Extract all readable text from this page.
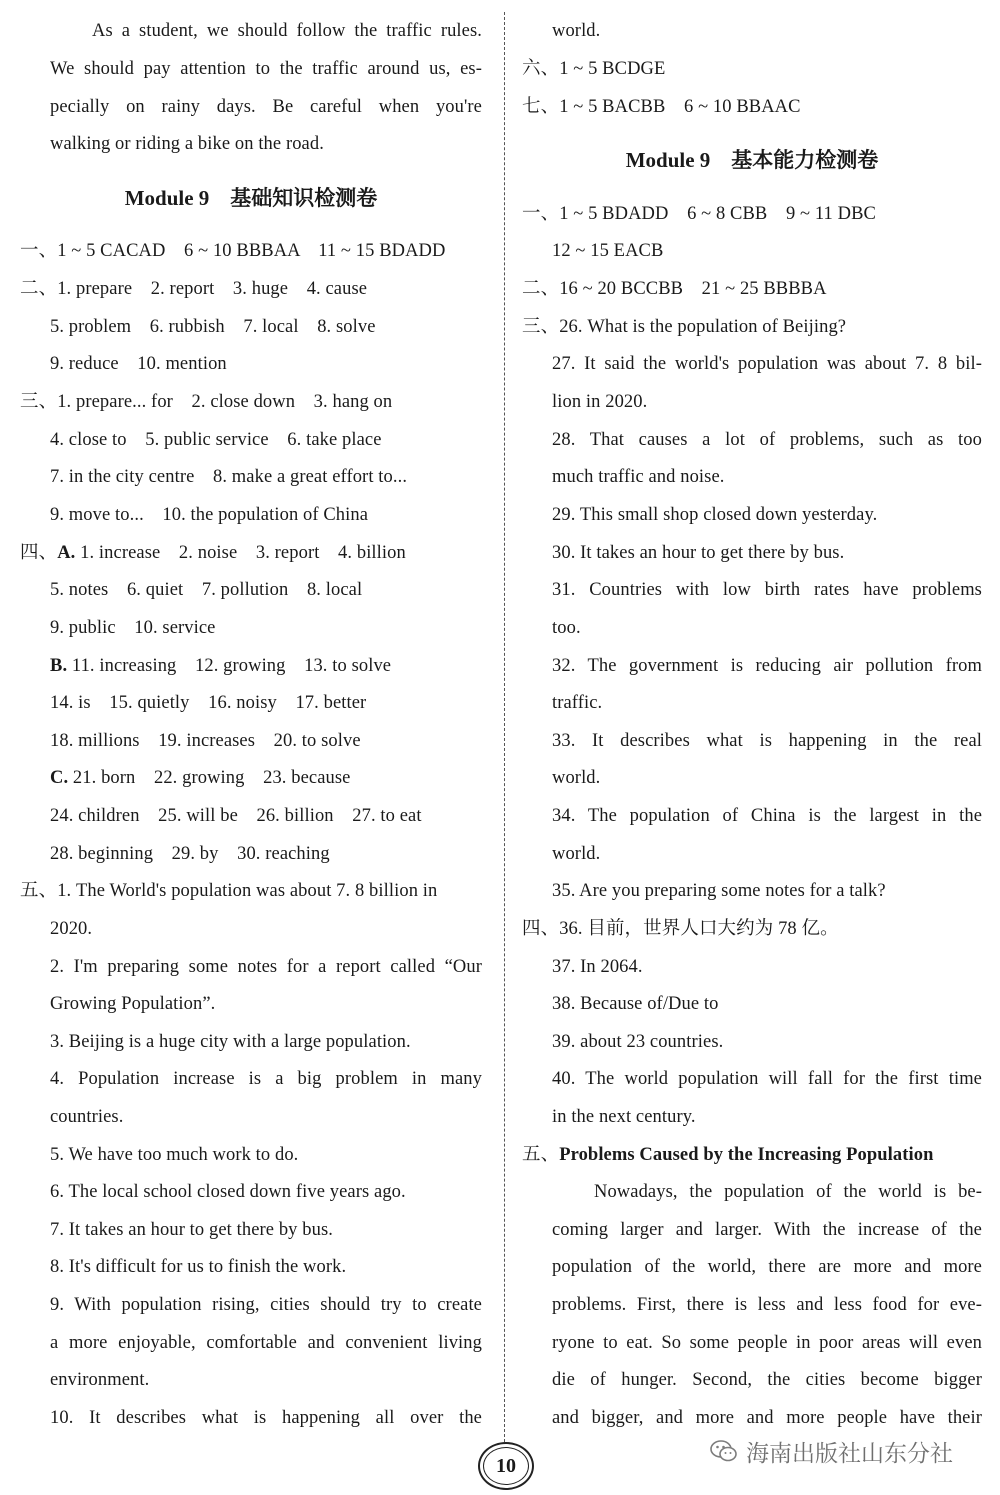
As a student, we should follow the traffic rules.
We should pay attention to the traffic around us, es-
pecially on rainy days. Be careful when you're
walking or riding a bike on the road.
Module 9　基础知识检测卷
一、1 ~ 5 CACAD　6 ~ 10 BBBAA　11 ~ 15 BDADD
二、1. prepare　2. report　3. huge　4. cause
5. problem　6. rubbish　7. local　8. solve
9. reduce　10. mention
三、1. prepare... for　2. close down　3. hang on
4. close to　5. public service　6. take place
7. in the city centre　8. make a great effort to...
9. move to...　10. the population of China
四、A. 1. increase　2. noise　3. report　4. billion
5. notes　6. quiet　7. pollution　8. local
9. public　10. service
B. 11. increasing　12. growing　13. to solve
14. is　15. quietly　16. noisy　17. better
18. millions　19. increases　20. to solve
C. 21. born　22. growing　23. because
24. children　25. will be　26. billion　27. to eat
28. beginning　29. by　30. reaching
五、1. The World's population was about 7. 8 billion in
2020.
2. I'm preparing some notes for a report called “Our
Growing Population”.
3. Beijing is a huge city with a large population.
4. Population increase is a big problem in many
countries.
5. We have too much work to do.
6. The local school closed down five years ago.
7. It takes an hour to get there by bus.
8. It's difficult for us to finish the work.
9. With population rising, cities should try to create
a more enjoyable, comfortable and convenient living
environment.
10. It describes what is happening all over the
world.
六、1 ~ 5 BCDGE
七、1 ~ 5 BACBB　6 ~ 10 BBAAC
Module 9　基本能力检测卷
一、1 ~ 5 BDADD　6 ~ 8 CBB　9 ~ 11 DBC
12 ~ 15 EACB
二、16 ~ 20 BCCBB　21 ~ 25 BBBBA
三、26. What is the population of Beijing?
27. It said the world's population was about 7. 8 bil-
lion in 2020.
28. That causes a lot of problems, such as too
much traffic and noise.
29. This small shop closed down yesterday.
30. It takes an hour to get there by bus.
31. Countries with low birth rates have problems
too.
32. The government is reducing air pollution from
traffic.
33. It describes what is happening in the real
world.
34. The population of China is the largest in the
world.
35. Are you preparing some notes for a talk?
四、36. 目前，世界人口大约为 78 亿。
37. In 2064.
38. Because of/Due to
39. about 23 countries.
40. The world population will fall for the first time
in the next century.
五、Problems Caused by the Increasing Population
Nowadays, the population of the world is be-
coming larger and larger. With the increase of the
population of the world, there are more and more
problems. First, there is less and less food for eve-
ryone to eat. So some people in poor areas will even
die of hunger. Second, the cities become bigger
and bigger, and more and more people have their
10	海南出版社山东分社
